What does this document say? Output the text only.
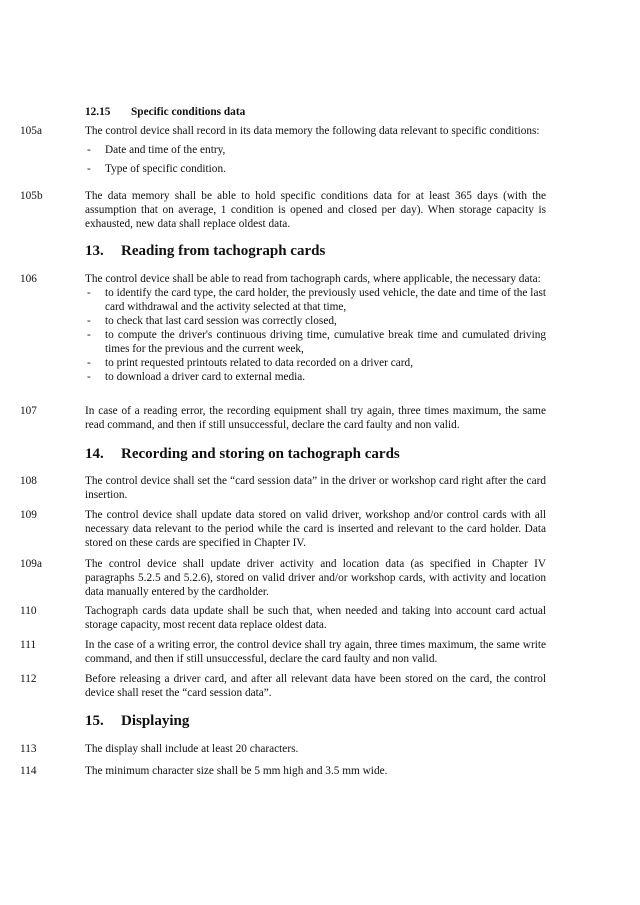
12.15 Specific conditions data
105a	The control device shall record in its data memory the following data relevant to specific conditions:
- Date and time of the entry,
- Type of specific condition.
105b	The data memory shall be able to hold specific conditions data for at least 365 days (with the assumption that on average, 1 condition is opened and closed per day). When storage capacity is exhausted, new data shall replace oldest data.
13. Reading from tachograph cards
106	The control device shall be able to read from tachograph cards, where applicable, the necessary data:
- to identify the card type, the card holder, the previously used vehicle, the date and time of the last card withdrawal and the activity selected at that time,
- to check that last card session was correctly closed,
- to compute the driver's continuous driving time, cumulative break time and cumulated driving times for the previous and the current week,
- to print requested printouts related to data recorded on a driver card,
- to download a driver card to external media.
107	In case of a reading error, the recording equipment shall try again, three times maximum, the same read command, and then if still unsuccessful, declare the card faulty and non valid.
14. Recording and storing on tachograph cards
108	The control device shall set the “card session data” in the driver or workshop card right after the card insertion.
109	The control device shall update data stored on valid driver, workshop and/or control cards with all necessary data relevant to the period while the card is inserted and relevant to the card holder. Data stored on these cards are specified in Chapter IV.
109a	The control device shall update driver activity and location data (as specified in Chapter IV paragraphs 5.2.5 and 5.2.6), stored on valid driver and/or workshop cards, with activity and location data manually entered by the cardholder.
110	Tachograph cards data update shall be such that, when needed and taking into account card actual storage capacity, most recent data replace oldest data.
111	In the case of a writing error, the control device shall try again, three times maximum, the same write command, and then if still unsuccessful, declare the card faulty and non valid.
112	Before releasing a driver card, and after all relevant data have been stored on the card, the control device shall reset the “card session data”.
15. Displaying
113	The display shall include at least 20 characters.
114	The minimum character size shall be 5 mm high and 3.5 mm wide.
